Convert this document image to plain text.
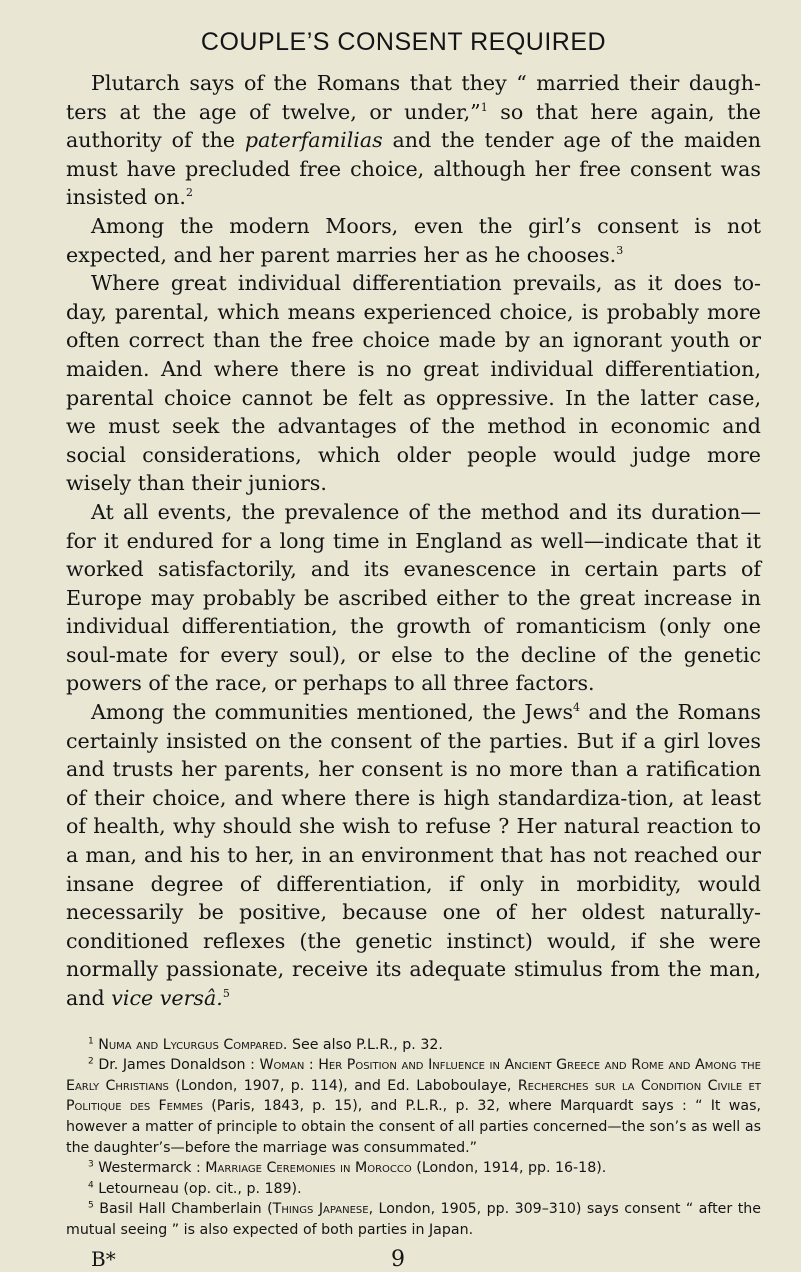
COUPLE’S CONSENT REQUIRED

Plutarch says of the Romans that they “ married their daugh-ters at the age of twelve, or under,”$^1$ so that here again, the authority of the paterfamilias and the tender age of the maiden must have precluded free choice, although her free consent was insisted on.$^2$

Among the modern Moors, even the girl’s consent is not expected, and her parent marries her as he chooses.$^3$

Where great individual differentiation prevails, as it does to-day, parental, which means experienced choice, is probably more often correct than the free choice made by an ignorant youth or maiden. And where there is no great individual differentiation, parental choice cannot be felt as oppressive. In the latter case, we must seek the advantages of the method in economic and social considerations, which older people would judge more wisely than their juniors.

At all events, the prevalence of the method and its duration— for it endured for a long time in England as well—indicate that it worked satisfactorily, and its evanescence in certain parts of Europe may probably be ascribed either to the great increase in individual differentiation, the growth of romanticism (only one soul-mate for every soul), or else to the decline of the genetic powers of the race, or perhaps to all three factors.

Among the communities mentioned, the Jews$^4$ and the Romans certainly insisted on the consent of the parties. But if a girl loves and trusts her parents, her consent is no more than a ratification of their choice, and where there is high standardiza-tion, at least of health, why should she wish to refuse ? Her natural reaction to a man, and his to her, in an environment that has not reached our insane degree of differentiation, if only in morbidity, would necessarily be positive, because one of her oldest naturally-conditioned reflexes (the genetic instinct) would, if she were normally passionate, receive its adequate stimulus from the man, and vice versâ.$^5$

$^1$ Numa and Lycurgus Compared. See also P.L.R., p. 32.

$^2$ Dr. James Donaldson : Woman : Her Position and Influence in Ancient Greece and Rome and Among the Early Christians (London, 1907, p. 114), and Ed. Laboboulaye, Recherches sur la Condition Civile et Politique des Femmes (Paris, 1843, p. 15), and P.L.R., p. 32, where Marquardt says : “ It was, however a matter of principle to obtain the consent of all parties concerned—the son’s as well as the daughter’s—before the marriage was consummated.”

$^3$ Westermarck : Marriage Ceremonies in Morocco (London, 1914, pp. 16-18).

$^4$ Letourneau (op. cit., p. 189).

$^5$ Basil Hall Chamberlain (Things Japanese, London, 1905, pp. 309–310) says consent “ after the mutual seeing ” is also expected of both parties in Japan.

B*	9
